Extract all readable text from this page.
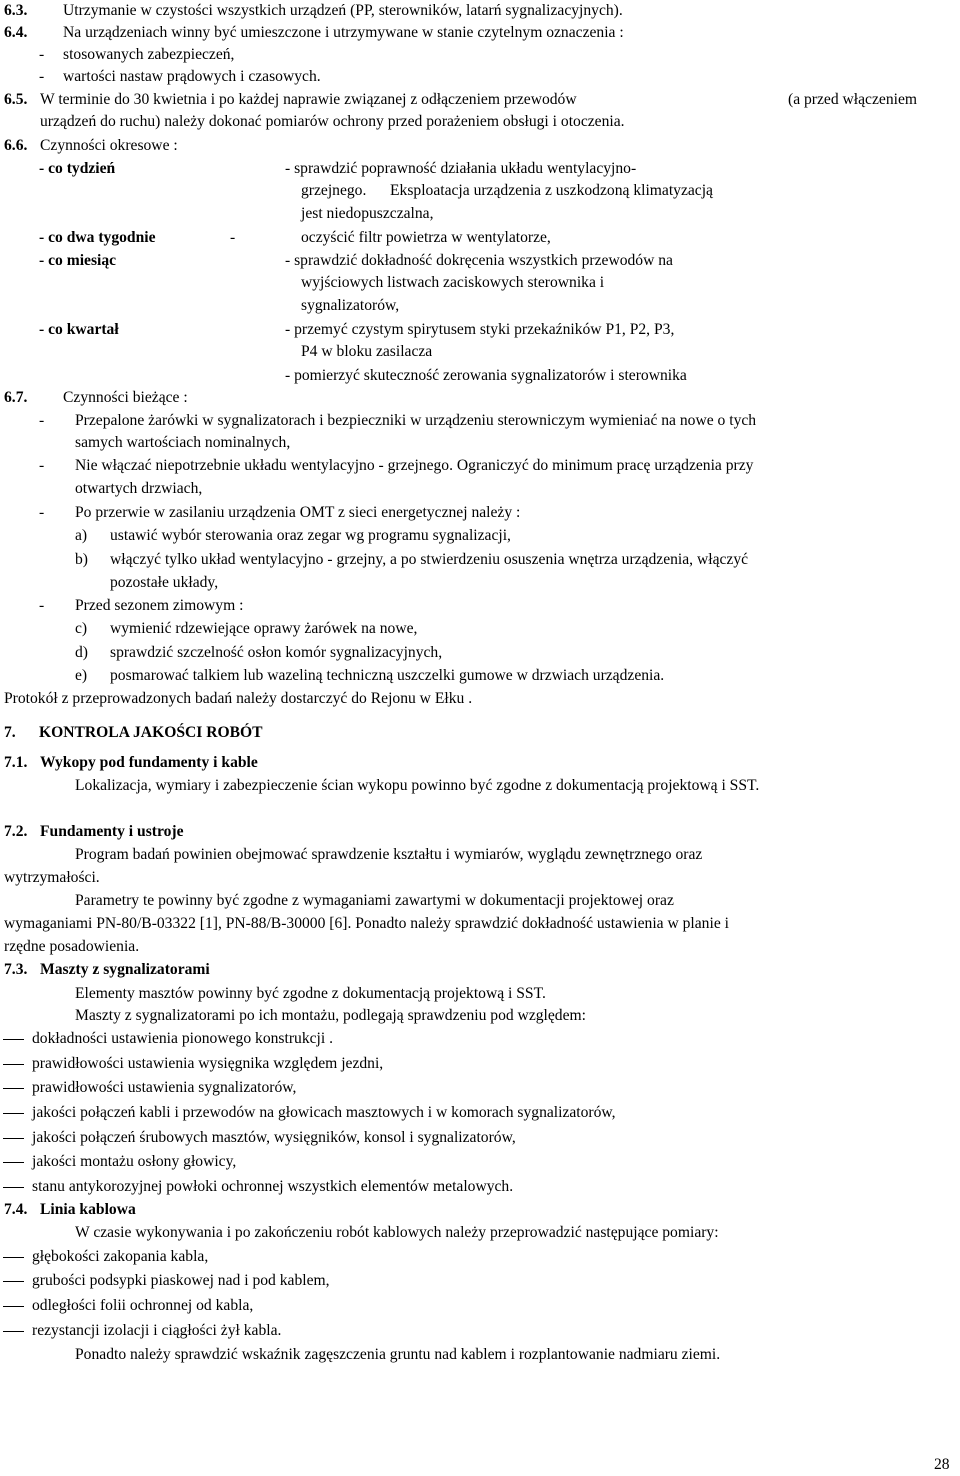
6.3. Utrzymanie w czystości wszystkich urządzeń (PP, sterowników, latarń sygnalizacyjnych).
6.4. Na urządzeniach winny być umieszczone i utrzymywane w stanie czytelnym oznaczenia :
- stosowanych zabezpieczeń,
- wartości nastaw prądowych i czasowych.
6.5. W terminie do 30 kwietnia i po każdej naprawie związanej z odłączeniem przewodów	(a przed włączeniem
urządzeń do ruchu) należy dokonać pomiarów ochrony przed porażeniem obsługi i otoczenia.
6.6. Czynności okresowe :
- co tydzień	- sprawdzić poprawność działania układu wentylacyjno-
grzejnego. Eksploatacja urządzenia z uszkodzoną klimatyzacją
jest niedopuszczalna,
- co dwa tygodnie	-	oczyścić filtr powietrza w wentylatorze,
- co miesiąc	- sprawdzić dokładność dokręcenia wszystkich przewodów na
wyjściowych listwach zaciskowych sterownika i
sygnalizatorów,
- co kwartał	- przemyć czystym spirytusem styki przekaźników P1, P2, P3,
P4 w bloku zasilacza
- pomierzyć skuteczność zerowania sygnalizatorów i sterownika
6.7. Czynności bieżące :
- Przepalone żarówki w sygnalizatorach i bezpieczniki w urządzeniu sterowniczym wymieniać na nowe o tych
samych wartościach nominalnych,
- Nie włączać niepotrzebnie układu wentylacyjno - grzejnego. Ograniczyć do minimum pracę urządzenia przy
otwartych drzwiach,
- Po przerwie w zasilaniu urządzenia OMT z sieci energetycznej należy :
a) ustawić wybór sterowania oraz zegar wg programu sygnalizacji,
b) włączyć tylko układ wentylacyjno - grzejny, a po stwierdzeniu osuszenia wnętrza urządzenia, włączyć
pozostałe układy,
- Przed sezonem zimowym :
c) wymienić rdzewiejące oprawy żarówek na nowe,
d) sprawdzić szczelność osłon komór sygnalizacyjnych,
e) posmarować talkiem lub wazeliną techniczną uszczelki gumowe w drzwiach urządzenia.
Protokół z przeprowadzonych badań należy dostarczyć do Rejonu w Ełku .
7. KONTROLA JAKOŚCI ROBÓT
7.1. Wykopy pod fundamenty i kable
Lokalizacja, wymiary i zabezpieczenie ścian wykopu powinno być zgodne z dokumentacją projektową i SST.
7.2. Fundamenty i ustroje
Program badań powinien obejmować sprawdzenie kształtu i wymiarów, wyglądu zewnętrznego oraz
wytrzymałości.
Parametry te powinny być zgodne z wymaganiami zawartymi w dokumentacji projektowej oraz
wymaganiami PN-80/B-03322 [1], PN-88/B-30000 [6]. Ponadto należy sprawdzić dokładność ustawienia w planie i
rzędne posadowienia.
7.3. Maszty z sygnalizatorami
Elementy masztów powinny być zgodne z dokumentacją projektową i SST.
Maszty z sygnalizatorami po ich montażu, podlegają sprawdzeniu pod względem:
dokładności ustawienia pionowego konstrukcji .
prawidłowości ustawienia wysięgnika względem jezdni,
prawidłowości ustawienia sygnalizatorów,
jakości połączeń kabli i przewodów na głowicach masztowych i w komorach sygnalizatorów,
jakości połączeń śrubowych masztów, wysięgników, konsol i sygnalizatorów,
jakości montażu osłony głowicy,
stanu antykorozyjnej powłoki ochronnej wszystkich elementów metalowych.
7.4. Linia kablowa
W czasie wykonywania i po zakończeniu robót kablowych należy przeprowadzić następujące pomiary:
głębokości zakopania kabla,
grubości podsypki piaskowej nad i pod kablem,
odległości folii ochronnej od kabla,
rezystancji izolacji i ciągłości żył kabla.
Ponadto należy sprawdzić wskaźnik zagęszczenia gruntu nad kablem i rozplantowanie nadmiaru ziemi.
28
